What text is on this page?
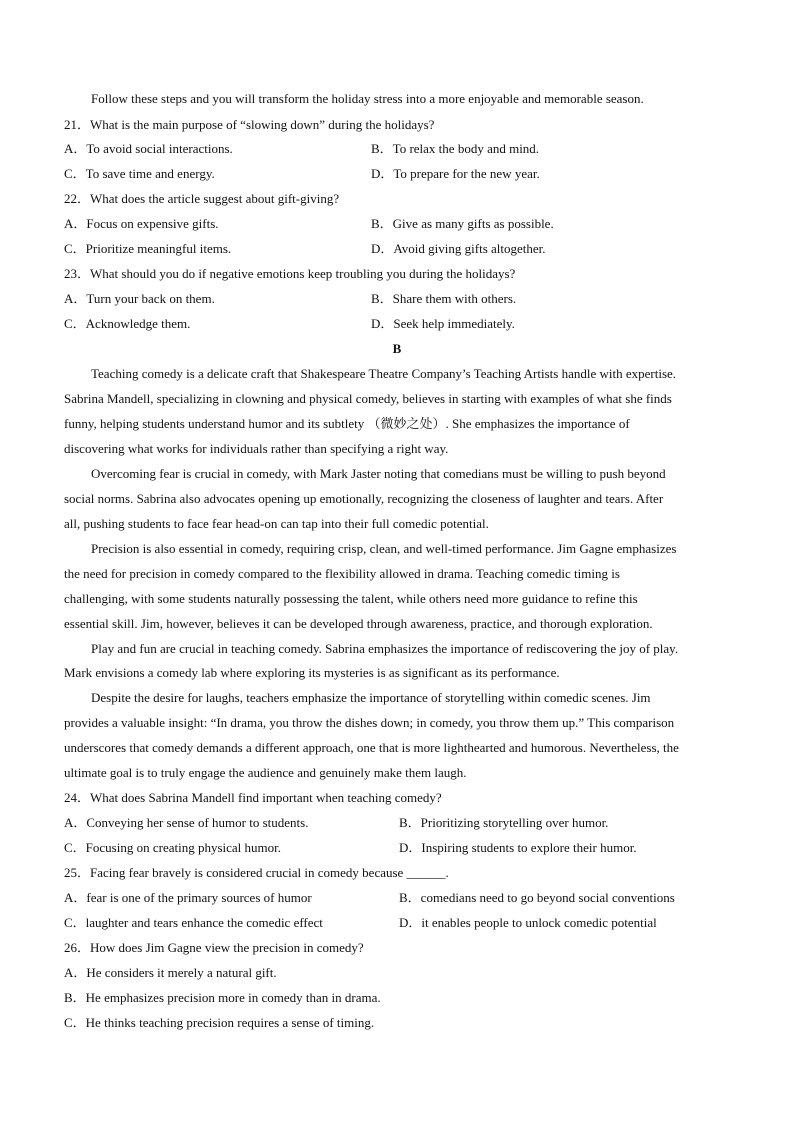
Follow these steps and you will transform the holiday stress into a more enjoyable and memorable season.
21．What is the main purpose of “slowing down” during the holidays?
A．To avoid social interactions.	B．To relax the body and mind.
C．To save time and energy.	D．To prepare for the new year.
22．What does the article suggest about gift-giving?
A．Focus on expensive gifts.	B．Give as many gifts as possible.
C．Prioritize meaningful items.	D．Avoid giving gifts altogether.
23．What should you do if negative emotions keep troubling you during the holidays?
A．Turn your back on them.	B．Share them with others.
C．Acknowledge them.	D．Seek help immediately.
B
Teaching comedy is a delicate craft that Shakespeare Theatre Company’s Teaching Artists handle with expertise.
Sabrina Mandell, specializing in clowning and physical comedy, believes in starting with examples of what she finds
funny, helping students understand humor and its subtlety （微妙之处）. She emphasizes the importance of
discovering what works for individuals rather than specifying a right way.
Overcoming fear is crucial in comedy, with Mark Jaster noting that comedians must be willing to push beyond
social norms. Sabrina also advocates opening up emotionally, recognizing the closeness of laughter and tears. After
all, pushing students to face fear head-on can tap into their full comedic potential.
Precision is also essential in comedy, requiring crisp, clean, and well-timed performance. Jim Gagne emphasizes
the need for precision in comedy compared to the flexibility allowed in drama. Teaching comedic timing is
challenging, with some students naturally possessing the talent, while others need more guidance to refine this
essential skill. Jim, however, believes it can be developed through awareness, practice, and thorough exploration.
Play and fun are crucial in teaching comedy. Sabrina emphasizes the importance of rediscovering the joy of play.
Mark envisions a comedy lab where exploring its mysteries is as significant as its performance.
Despite the desire for laughs, teachers emphasize the importance of storytelling within comedic scenes. Jim
provides a valuable insight: “In drama, you throw the dishes down; in comedy, you throw them up.” This comparison
underscores that comedy demands a different approach, one that is more lighthearted and humorous. Nevertheless, the
ultimate goal is to truly engage the audience and genuinely make them laugh.
24．What does Sabrina Mandell find important when teaching comedy?
A．Conveying her sense of humor to students.	B．Prioritizing storytelling over humor.
C．Focusing on creating physical humor.	D．Inspiring students to explore their humor.
25．Facing fear bravely is considered crucial in comedy because ______.
A．fear is one of the primary sources of humor	B．comedians need to go beyond social conventions
C．laughter and tears enhance the comedic effect	D．it enables people to unlock comedic potential
26．How does Jim Gagne view the precision in comedy?
A．He considers it merely a natural gift.
B．He emphasizes precision more in comedy than in drama.
C．He thinks teaching precision requires a sense of timing.
